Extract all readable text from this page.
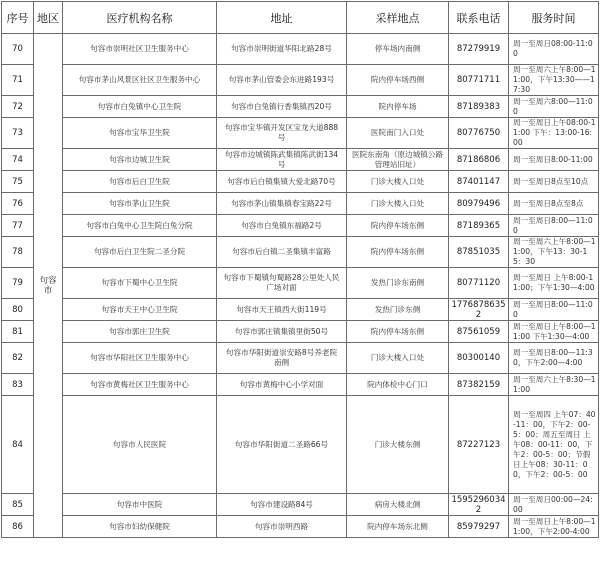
序号	地区	医疗机构名称	地址	采样地点	联系电话	服务时间
70	句容市	句容市崇明社区卫生服务中心	句容市崇明街道华阳北路28号	停车场内南侧	87279919	周一至周日08:00-11:00
71		句容市茅山风景区社区卫生服务中心	句容市茅山管委会东进路193号	院内停车场西侧	80771711	周一至周六上午8:00—11:00，下午13:30——17:30
72		句容市白兔镇中心卫生院	句容市白兔镇行香集镇西20号	院内停车场	87189383	周一至周六8:00—11:00
73		句容市宝华卫生院	句容市宝华镇开发区宝龙大道888号	医院南门入口处	80776750	周一至周日上午08:00-11:00 下午：13:00-16:00
74		句容市边城卫生院	句容市边城镇陈武集镇陈武街134号	医院东南角（原边城镇公路管理站旧址）	87186806	周一至周日8:00-11:00
75		句容市后白卫生院	句容市后白镇集镇大爱北路70号	门诊大楼入口处	87401147	周一至周日8点至10点
76		句容市茅山卫生院	句容市茅山镇集镇春宝路22号	门诊大楼入口处	80979496	周一至周日8点至8点
77		句容市白兔中心卫生院白兔分院	句容市白兔镇东福路2号	院内停车场东侧	87189365	周一至周日8:00—11:00
78		句容市后白卫生院二圣分院	句容市后白镇二圣集镇丰富路	院内停车场东侧	87851035	周一至周六上午8:00—11:00，下午13：30-15：30
79		句容市下蜀中心卫生院	句容市下蜀镇句蜀路28公里处人民广场对面	发热门诊东南侧	80771120	周一至周日 上午8:00-11:00；下午1:30—4:00
80		句容市天王中心卫生院	句容市天王镇西大街119号	发热门诊东侧	17768786352	周一至周日8:00—11:00
81		句容市郭庄卫生院	句容市郭庄镇集镇里街50号	院内停车场东侧	87561059	周一至周日上午8:00—11:00 下午1:30—4:00
82		句容市华阳社区卫生服务中心	句容市华阳街道崇安路8号养老院南侧	门诊大楼入口处	80300140	周一至周日8:00—11:30，下午2:00—4:00
83		句容市黄梅社区卫生服务中心	句容市黄梅中心小学对面	院内体检中心门口	87382159	周一至周六上午8:30—11:00
84		句容市人民医院	句容市华阳街道二圣路66号	门诊大楼东侧	87227123	周一至周四 上午07：40-11：00，下午2：00-5：00；周五至周日 上午08：00-11：00，下午2：00-5：00；节假日上午08：30-11：00，下午2：00-5：00
85		句容市中医院	句容市建设路84号	病房大楼北侧	15952960342	周一至周日00:00—24:00
86		句容市妇幼保健院	句容市崇明西路	院内停车场东北侧	85979297	周一至周日上午8:00—11:00，下午2:00-4:00
